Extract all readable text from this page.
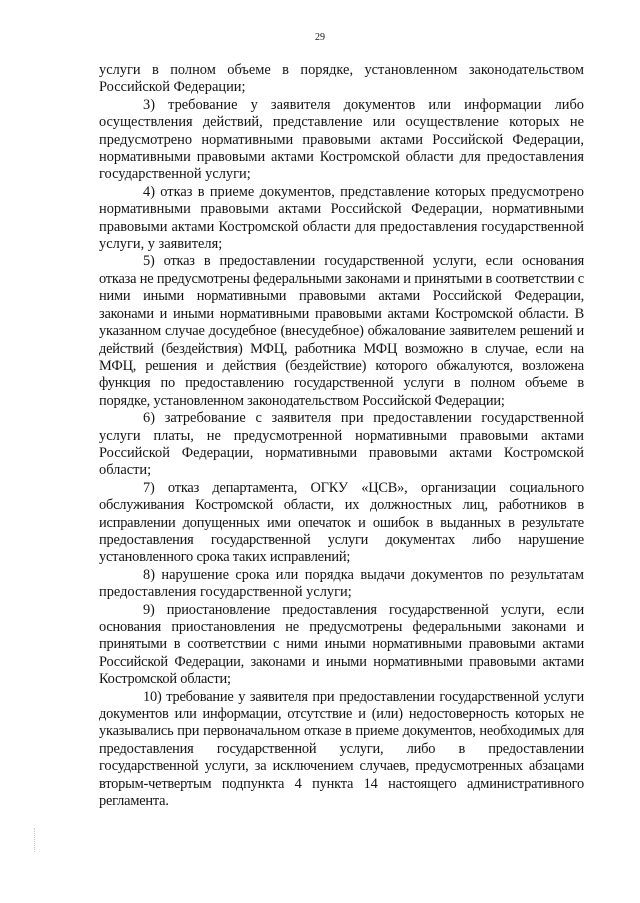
29

услуги в полном объеме в порядке, установленном законодательством Российской Федерации;

3) требование у заявителя документов или информации либо осуществления действий, представление или осуществление которых не предусмотрено нормативными правовыми актами Российской Федерации, нормативными правовыми актами Костромской области для предоставления государственной услуги;

4) отказ в приеме документов, представление которых предусмотрено нормативными правовыми актами Российской Федерации, нормативными правовыми актами Костромской области для предоставления государственной услуги, у заявителя;

5) отказ в предоставлении государственной услуги, если основания отказа не предусмотрены федеральными законами и принятыми в соответствии с ними иными нормативными правовыми актами Российской Федерации, законами и иными нормативными правовыми актами Костромской области. В указанном случае досудебное (внесудебное) обжалование заявителем решений и действий (бездействия) МФЦ, работника МФЦ возможно в случае, если на МФЦ, решения и действия (бездействие) которого обжалуются, возложена функция по предоставлению государственной услуги в полном объеме в порядке, установленном законодательством Российской Федерации;

6) затребование с заявителя при предоставлении государственной услуги платы, не предусмотренной нормативными правовыми актами Российской Федерации, нормативными правовыми актами Костромской области;

7) отказ департамента, ОГКУ «ЦСВ», организации социального обслуживания Костромской области, их должностных лиц, работников в исправлении допущенных ими опечаток и ошибок в выданных в результате предоставления государственной услуги документах либо нарушение установленного срока таких исправлений;

8) нарушение срока или порядка выдачи документов по результатам предоставления государственной услуги;

9) приостановление предоставления государственной услуги, если основания приостановления не предусмотрены федеральными законами и принятыми в соответствии с ними иными нормативными правовыми актами Российской Федерации, законами и иными нормативными правовыми актами Костромской области;

10) требование у заявителя при предоставлении государственной услуги документов или информации, отсутствие и (или) недостоверность которых не указывались при первоначальном отказе в приеме документов, необходимых для предоставления государственной услуги, либо в предоставлении государственной услуги, за исключением случаев, предусмотренных абзацами вторым-четвертым подпункта 4 пункта 14 настоящего административного регламента.
